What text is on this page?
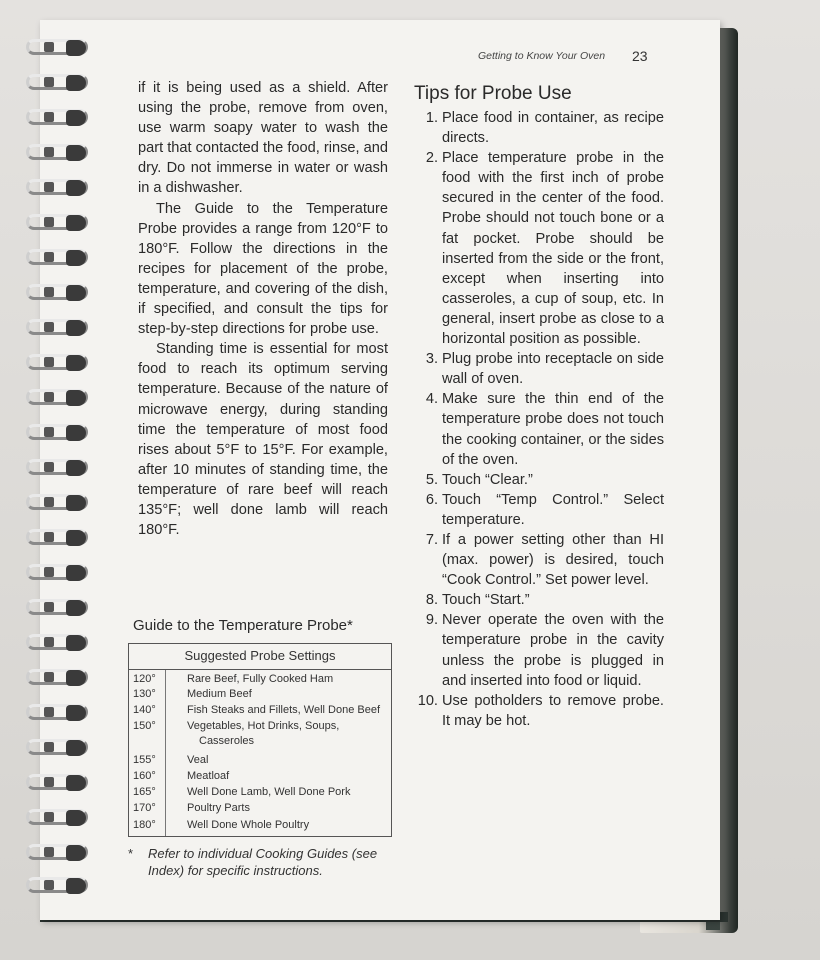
Getting to Know Your Oven 23

if it is being used as a shield. After using the probe, remove from oven, use warm soapy water to wash the part that contacted the food, rinse, and dry. Do not immerse in water or wash in a dishwasher.

The Guide to the Temperature Probe provides a range from 120°F to 180°F. Follow the directions in the recipes for placement of the probe, temperature, and covering of the dish, if specified, and consult the tips for step-by-step directions for probe use.

Standing time is essential for most food to reach its optimum serving temperature. Because of the nature of microwave energy, during standing time the temperature of most food rises about 5°F to 15°F. For example, after 10 minutes of standing time, the temperature of rare beef will reach 135°F; well done lamb will reach 180°F.

Guide to the Temperature Probe*
Suggested Probe Settings
120°	Rare Beef, Fully Cooked Ham
130°	Medium Beef
140°	Fish Steaks and Fillets, Well Done Beef
150°	Vegetables, Hot Drinks, Soups,
Casseroles
155°	Veal
160°	Meatloaf
165°	Well Done Lamb, Well Done Pork
170°	Poultry Parts
180°	Well Done Whole Poultry
* Refer to individual Cooking Guides (see Index) for specific instructions.
Tips for Probe Use
1. Place food in container, as recipe directs.
2. Place temperature probe in the food with the first inch of probe secured in the center of the food. Probe should not touch bone or a fat pocket. Probe should be inserted from the side or the front, except when inserting into casseroles, a cup of soup, etc. In general, insert probe as close to a horizontal position as possible.
3. Plug probe into receptacle on side wall of oven.
4. Make sure the thin end of the temperature probe does not touch the cooking container, or the sides of the oven.
5. Touch “Clear.”
6. Touch “Temp Control.” Select temperature.
7. If a power setting other than HI (max. power) is desired, touch “Cook Control.” Set power level.
8. Touch “Start.”
9. Never operate the oven with the temperature probe in the cavity unless the probe is plugged in and inserted into food or liquid.
10. Use potholders to remove probe. It may be hot.
